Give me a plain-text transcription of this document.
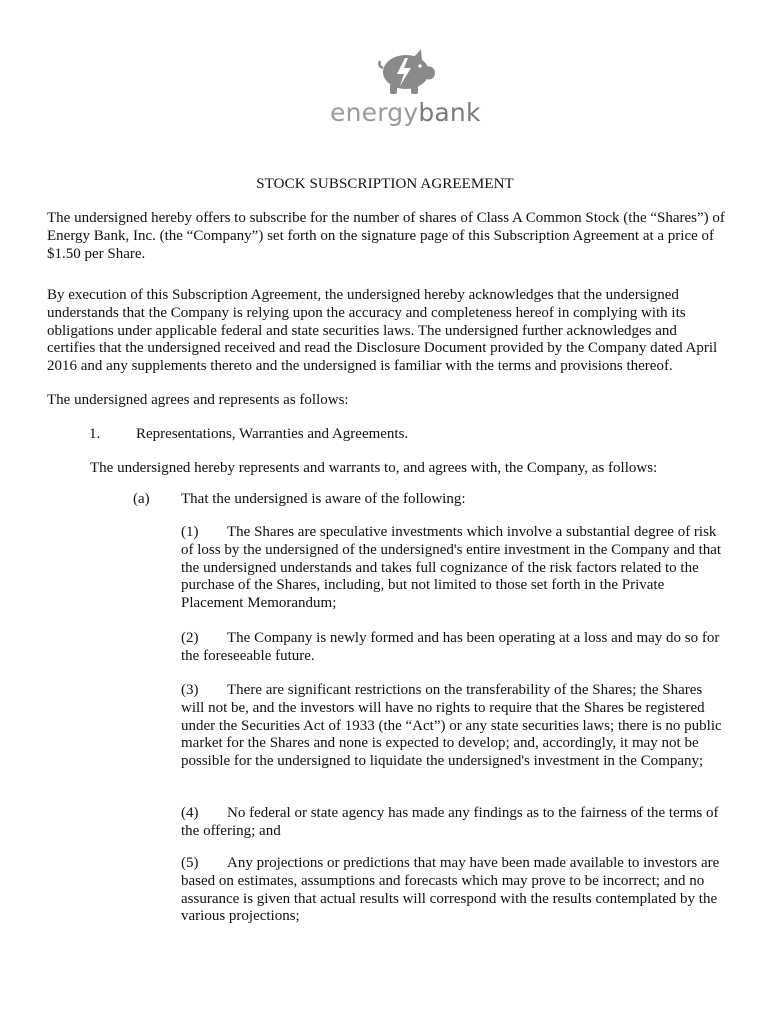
energybank
STOCK SUBSCRIPTION AGREEMENT

The undersigned hereby offers to subscribe for the number of shares of Class A Common Stock (the “Shares”) of Energy Bank, Inc. (the “Company”) set forth on the signature page of this Subscription Agreement at a price of $1.50 per Share.

By execution of this Subscription Agreement, the undersigned hereby acknowledges that the undersigned understands that the Company is relying upon the accuracy and completeness hereof in complying with its obligations under applicable federal and state securities laws. The undersigned further acknowledges and certifies that the undersigned received and read the Disclosure Document provided by the Company dated April 2016 and any supplements thereto and the undersigned is familiar with the terms and provisions thereof.

The undersigned agrees and represents as follows:

1. Representations, Warranties and Agreements.

The undersigned hereby represents and warrants to, and agrees with, the Company, as follows:

(a) That the undersigned is aware of the following:

(1) The Shares are speculative investments which involve a substantial degree of risk of loss by the undersigned of the undersigned's entire investment in the Company and that the undersigned understands and takes full cognizance of the risk factors related to the purchase of the Shares, including, but not limited to those set forth in the Private Placement Memorandum;

(2) The Company is newly formed and has been operating at a loss and may do so for the foreseeable future.

(3) There are significant restrictions on the transferability of the Shares; the Shares will not be, and the investors will have no rights to require that the Shares be registered under the Securities Act of 1933 (the “Act”) or any state securities laws; there is no public market for the Shares and none is expected to develop; and, accordingly, it may not be possible for the undersigned to liquidate the undersigned's investment in the Company;

(4) No federal or state agency has made any findings as to the fairness of the terms of the offering; and

(5) Any projections or predictions that may have been made available to investors are based on estimates, assumptions and forecasts which may prove to be incorrect; and no assurance is given that actual results will correspond with the results contemplated by the various projections;
